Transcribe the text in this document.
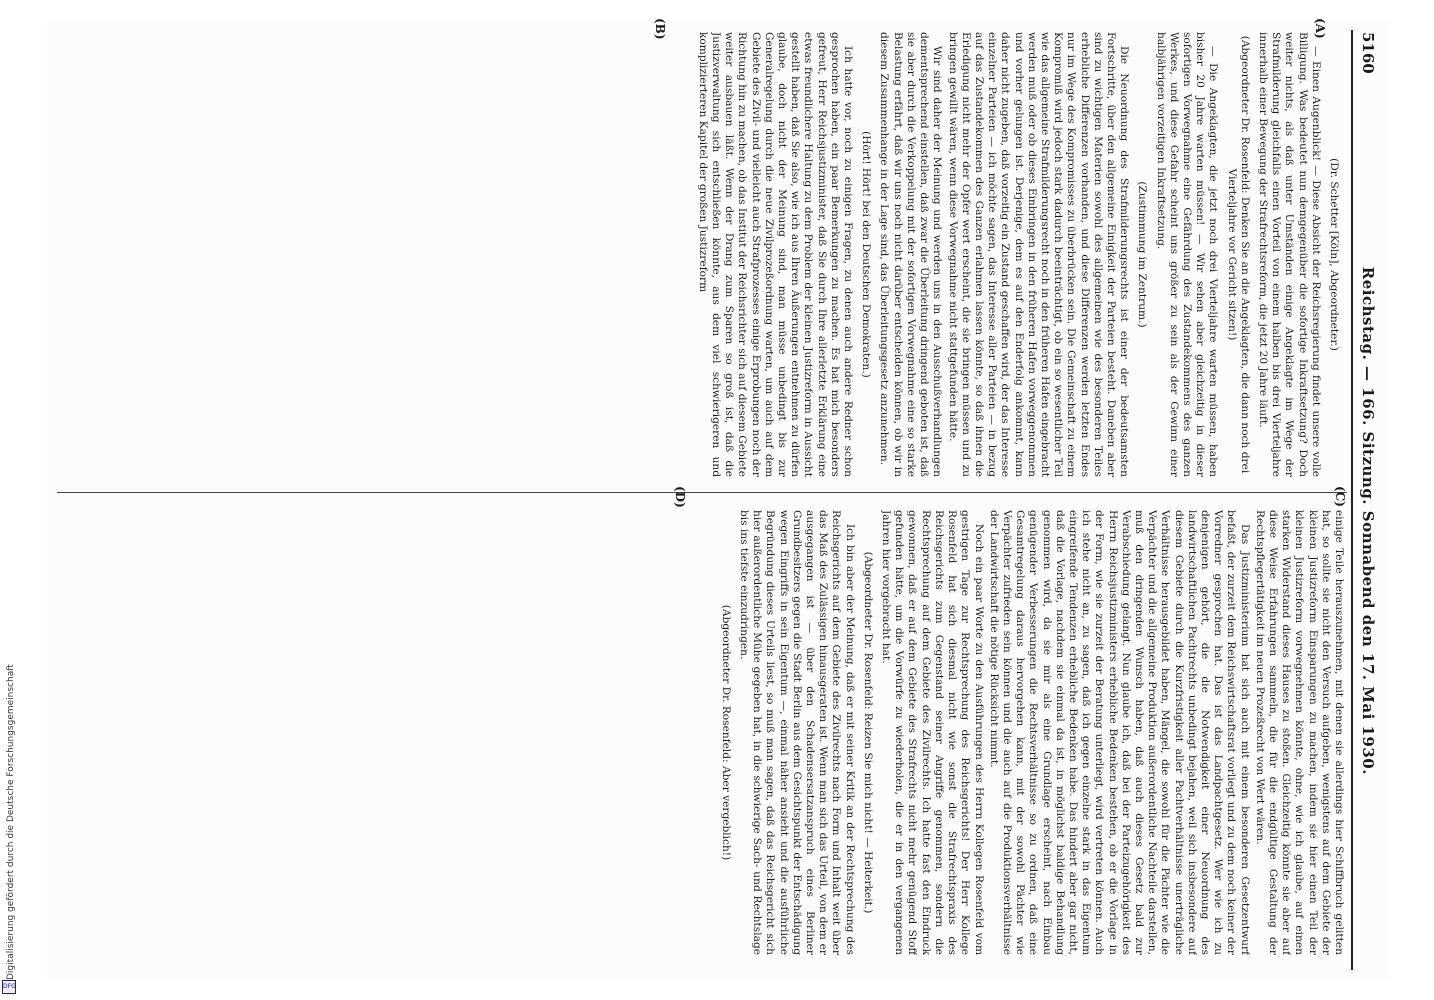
5160
Reichstag. — 166. Sitzung. Sonnabend den 17. Mai 1930.
(A)
(B)
(C)
(D)

(Dr. Schetter [Köln], Abgeordneter.)

— Einen Augenblick! — Diese Absicht der Reichsregierung findet unsere volle Billigung. Was bedeutet nun demgegenüber die sofortige Inkraftsetzung? Doch weiter nichts, als daß unter Umständen einige Angeklagte im Wege der Strafmilderung gleichfalls einen Vorteil von einem halben bis drei Vierteljahre innerhalb einer Bewegung der Strafrechtsreform, die jetzt 20 Jahre läuft.

(Abgeordneter Dr. Rosenfeld: Denken Sie an die Angeklagten, die dann noch drei Vierteljahre vor Gericht sitzen!)

— Die Angeklagten, die jetzt noch drei Vierteljahre warten müssen, haben bisher 20 Jahre warten müssen! — Wir sehen aber gleichzeitig in dieser sofortigen Vorwegnahme eine Gefährdung des Zustandekommens des ganzen Werkes, und diese Gefahr scheint uns größer zu sein als der Gewinn einer halbjährigen vorzeitigen Inkraftsetzung.

(Zustimmung im Zentrum.)

Die Neuordnung des Strafmilderungsrechts ist einer der bedeutsamsten Fortschritte, über den allgemeine Einigkeit der Parteien besteht. Daneben aber sind zu wichtigen Materien sowohl des allgemeinen wie des besonderen Teiles erhebliche Differenzen vorhanden, und diese Differenzen werden letzten Endes nur im Wege des Kompromisses zu überbrücken sein. Die Gemeinschaft zu einem Kompromiß wird jedoch stark dadurch beeinträchtigt, ob ein so wesentlicher Teil wie das allgemeine Strafmilderungsrecht noch in den früheren Hafen eingebracht werden muß oder ob dieses Einbringen in den früheren Hafen vorweggenommen und vorher gelungen ist. Derjenige, dem es auf den Enderfolg ankommt, kann daher nicht zugeben, daß vorzeitig ein Zustand geschaffen wird, der das Interesse einzelner Parteien — ich möchte sagen, das Interesse aller Parteien — in bezug auf das Zustandekommen des Ganzen erlahmen lassen könnte, so daß ihnen die Erledigung nicht mehr der Opfer wert erscheint, die sie bringen müssen und zu bringen gewillt wären, wenn diese Vorwegnahme nicht stattgefunden hätte.

Wir sind daher der Meinung und werden uns in den Ausschußverhandlungen dementsprechend einstellen, daß zwar die Überleitung dringend geboten ist, daß sie aber durch die Verkoppelung mit der sofortigen Vorwegnahme eine so starke Belastung erfährt, daß wir uns noch nicht darüber entscheiden können, ob wir in diesem Zusammenhange in der Lage sind, das Überleitungsgesetz anzunehmen.

(Hört! Hört! bei den Deutschen Demokraten.)

Ich hatte vor, noch zu einigen Fragen, zu denen auch andere Redner schon gesprochen haben, ein paar Bemerkungen zu machen. Es hat mich besonders gefreut, Herr Reichsjustizminister, daß Sie durch Ihre allerletzte Erklärung eine etwas freundlichere Haltung zu dem Problem der kleinen Justizreform in Aussicht gestellt haben, daß Sie also, wie ich aus Ihren Äußerungen entnehmen zu dürfen glaube, doch nicht der Meinung sind, man müsse unbedingt bis zur Generalregelung durch die neue Zivilprozeßordnung warten, um auch auf dem Gebiete des Zivil- und vielleicht auch Strafprozesses einige Erprobungen noch der Richtung hin zu machen, ob das Institut der Reichsrichter sich auf diesem Gebiete weiter ausbauen läßt. Wenn der Drang zum Sparen so groß ist, daß die Justizverwaltung sich entschließen könnte, aus dem viel schwierigeren und komplizierteren Kapitel der großen Justizreform

einige Teile herauszunehmen, mit denen sie allerdings hier Schiffbruch gelitten hat, so sollte sie nicht den Versuch aufgeben, wenigstens auf dem Gebiete der kleinen Justizreform Einsparungen zu machen, indem sie hier einen Teil der kleinen Justizreform vorwegnehmen könnte, ohne, wie ich glaube, auf einen starken Widerstand dieses Hauses zu stoßen. Gleichzeitig könnte sie aber auf diese Weise Erfahrungen sammeln, die für die endgültige Gestaltung der Rechtspflegertätigkeit im neuen Prozeßrecht von Wert wären.

Das Justizministerium hat sich auch mit einem besonderen Gesetzentwurf befaßt, der zurzeit dem Reichswirtschaftsrat vorliegt und zu dem noch keiner der Vorredner gesprochen hat. Das ist das Landpachtgesetz. Wer wie ich zu denjenigen gehört, die die Notwendigkeit einer Neuordnung des landwirtschaftlichen Pachtrechts unbedingt bejahen, weil sich insbesondere auf diesem Gebiete durch die Kurzfristigkeit aller Pachtverhältnisse unerträgliche Verhältnisse herausgebildet haben, Mängel, die sowohl für die Pächter wie die Verpächter und die allgemeine Produktion außerordentliche Nachteile darstellen, muß den dringenden Wunsch haben, daß auch dieses Gesetz bald zur Verabschiedung gelangt. Nun glaube ich, daß bei der Parteizugehörigkeit des Herrn Reichsjustizministers erhebliche Bedenken bestehen, ob er die Vorlage in der Form, wie sie zurzeit der Beratung unterliegt, wird vertreten können. Auch ich stehe nicht an, zu sagen, daß ich gegen einzelne stark in das Eigentum eingreifende Tendenzen erhebliche Bedenken habe. Das hindert aber gar nicht, daß die Vorlage, nachdem sie einmal da ist, in möglichst baldige Behandlung genommen wird, da sie mir als eine Grundlage erscheint, nach Einbau genügender Verbesserungen die Rechtsverhältnisse so zu ordnen, daß eine Gesamtregelung daraus hervorgehen kann, mit der sowohl Pächter wie Verpächter zufrieden sein können und die auch auf die Produktionsverhältnisse der Landwirtschaft die nötige Rücksicht nimmt.

Noch ein paar Worte zu den Ausführungen des Herrn Kollegen Rosenfeld vom gestrigen Tage zur Rechtsprechung des Reichsgerichts! Der Herr Kollege Rosenfeld hat sich diesmal nicht wie sonst die Strafrechtspraxis des Reichsgerichts zum Gegenstand seiner Angriffe genommen, sondern die Rechtsprechung auf dem Gebiete des Zivilrechts. Ich hatte fast den Eindruck gewonnen, daß er auf dem Gebiete des Strafrechts nicht mehr genügend Stoff gefunden hätte, um die Vorwürfe zu wiederholen, die er in den vergangenen Jahren hier vorgebracht hat.

(Abgeordneter Dr. Rosenfeld: Reizen Sie mich nicht! — Heiterkeit.)

Ich bin aber der Meinung, daß er mit seiner Kritik an der Rechtsprechung des Reichsgerichts auf dem Gebiete des Zivilrechts nach Form und Inhalt weit über das Maß des Zulässigen hinausgeraten ist. Wenn man sich das Urteil, von dem er ausgegangen ist — über den Schadensersatzanspruch eines Berliner Grundbesitzers gegen die Stadt Berlin aus dem Gesichtspunkt der Entschädigung wegen Eingriffs in sein Eigentum —, einmal näher ansieht und die ausführliche Begründung dieses Urteils liest, so muß man sagen, daß das Reichsgericht sich hier außerordentliche Mühe gegeben hat, in die schwierige Sach- und Rechtslage bis ins tiefste einzudringen.

(Abgeordneter Dr. Rosenfeld: Aber vergeblich!)

Digitalisierung gefördert durch die Deutsche Forschungsgemeinschaft
DFG
